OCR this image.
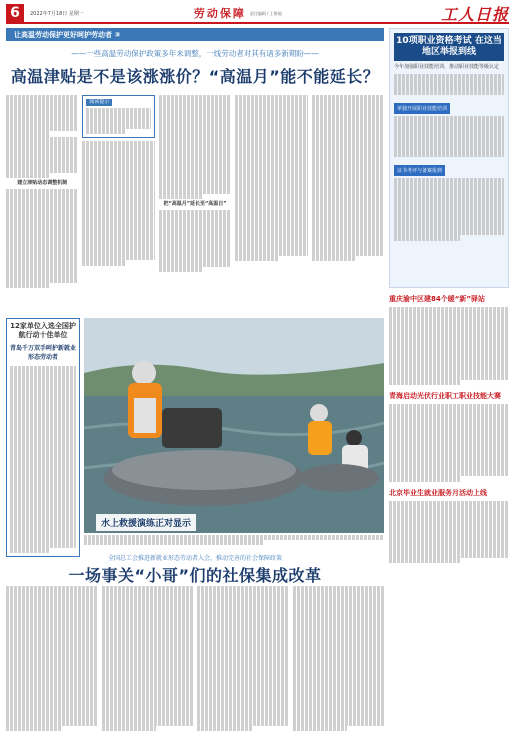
6	2022年7月18日 星期一	劳动保障 责任编辑 / 王维砚	工人日报
让高温劳动保护更好呵护劳动者 ③
——一些高温劳动保护政策多年未调整，一线劳动者对其有诸多新期盼——
高温津贴是不是该涨涨价？“高温月”能不能延长？
建立津贴动态调整机制
阅读提示
把“高温月”延长至“高温日”
12家单位入选全国护航行动十佳单位
青岛千万双手呵护新就业形态劳动者
水上救援演练正对显示
全国总工会推进新就业形态劳动者入会，推动完善的社会保障政策
一场事关“小哥”们的社保集成改革
10项职业资格考试 在这当地区举报到线
今年加强职业技能培训，推动职业技能等级认定
单独开展职业技能培训
证书考评与备案报到
重庆渝中区建84个暖“新”驿站
青海启动光伏行业职工职业技能大赛
北京毕业生就业服务月活动上线
